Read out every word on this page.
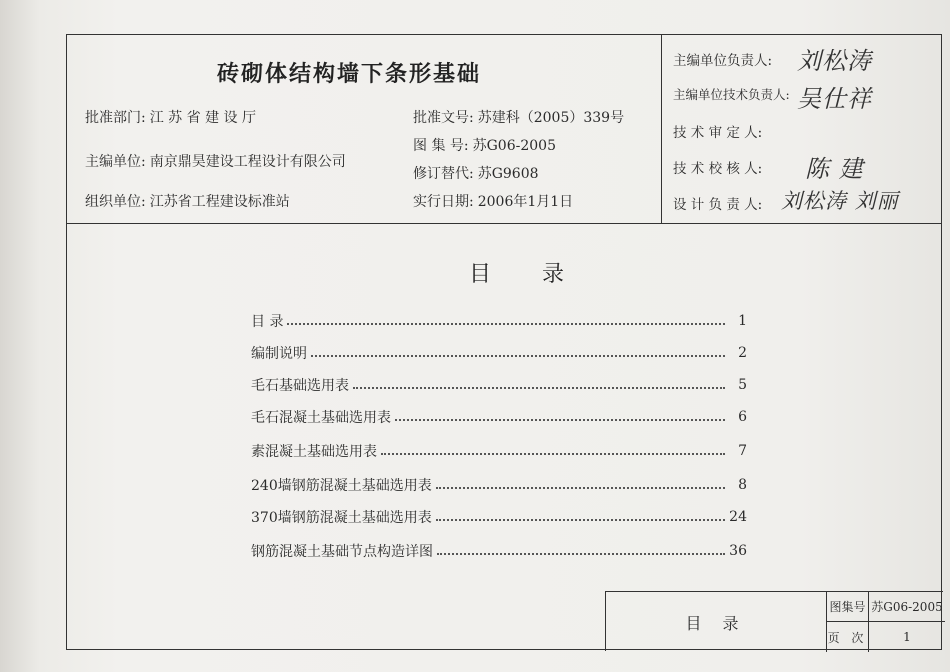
砖砌体结构墙下条形基础
批准部门: 江 苏 省 建 设 厅
主编单位: 南京鼎昊建设工程设计有限公司
组织单位: 江苏省工程建设标准站
批准文号: 苏建科（2005）339号
图 集 号: 苏G06-2005
修订替代: 苏G9608
实行日期: 2006年1月1日
主编单位负责人: 刘松涛
主编单位技术负责人: 吴仕祥
技 术 审 定 人:
技 术 校 核 人: 陈 建
设 计 负 责 人: 刘松涛 刘丽
目 录
目 录	1
编制说明	2
毛石基础选用表	5
毛石混凝土基础选用表	6
素混凝土基础选用表	7
240墙钢筋混凝土基础选用表	8
370墙钢筋混凝土基础选用表	24
钢筋混凝土基础节点构造详图	36
目 录
图集号 苏G06-2005
页 次	1
